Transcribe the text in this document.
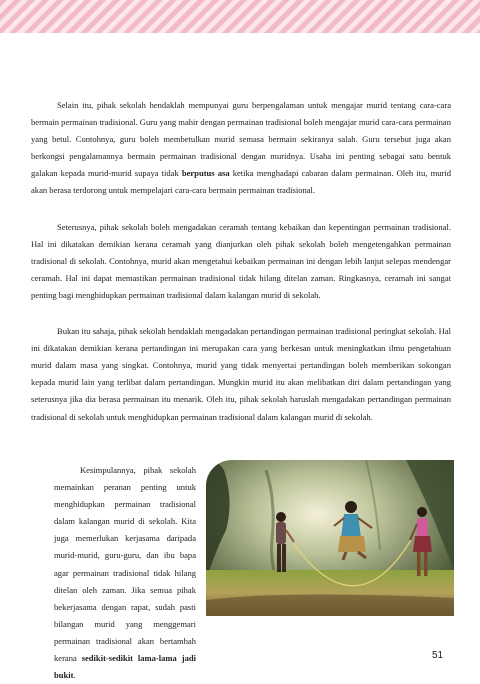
Selain itu, pihak sekolah hendaklah mempunyai guru berpengalaman untuk mengajar murid tentang cara-cara bermain permainan tradisional. Guru yang mahir dengan permainan tradisional boleh mengajar murid cara-cara permainan yang betul. Contohnya, guru boleh membetulkan murid semasa bermain sekiranya salah. Guru tersebut juga akan berkongsi pengalamannya bermain permainan tradisional dengan muridnya. Usaha ini penting sebagai satu bentuk galakan kepada murid-murid supaya tidak berputus asa ketika menghadapi cabaran dalam permainan. Oleh itu, murid akan berasa terdorong untuk mempelajari cara-cara bermain permainan tradisional.

Seterusnya, pihak sekolah boleh mengadakan ceramah tentang kebaikan dan kepentingan permainan tradisional. Hal ini dikatakan demikian kerana ceramah yang dianjurkan oleh pihak sekolah boleh mengetengahkan permainan tradisional di sekolah. Contohnya, murid akan mengetahui kebaikan permainan ini dengan lebih lanjut selepas mendengar ceramah. Hal ini dapat memastikan permainan tradisional tidak hilang ditelan zaman. Ringkasnya, ceramah ini sangat penting bagi menghidupkan permainan tradisional dalam kalangan murid di sekolah.

Bukan itu sahaja, pihak sekolah hendaklah mengadakan pertandingan permainan tradisional peringkat sekolah. Hal ini dikatakan demikian kerana pertandingan ini merupakan cara yang berkesan untuk meningkatkan ilmu pengetahuan murid dalam masa yang singkat. Contohnya, murid yang tidak menyertai pertandingan boleh memberikan sokongan kepada murid lain yang terlibat dalam pertandingan. Mungkin murid itu akan melibatkan diri dalam pertandingan yang seterusnya jika dia berasa permainan itu menarik. Oleh itu, pihak sekolah haruslah mengadakan pertandingan permainan tradisional di sekolah untuk menghidupkan permainan tradisional dalam kalangan murid di sekolah.

Kesimpulannya, pihak sekolah memainkan peranan penting untuk menghidupkan permainan tradisional dalam kalangan murid di sekolah. Kita juga memerlukan kerjasama daripada murid-murid, guru-guru, dan ibu bapa agar permainan tradisional tidak hilang ditelan oleh zaman. Jika semua pihak bekerjasama dengan rapat, sudah pasti bilangan murid yang menggemari permainan tradisional akan bertambah kerana sedikit-sedikit lama-lama jadi bukit.

51
